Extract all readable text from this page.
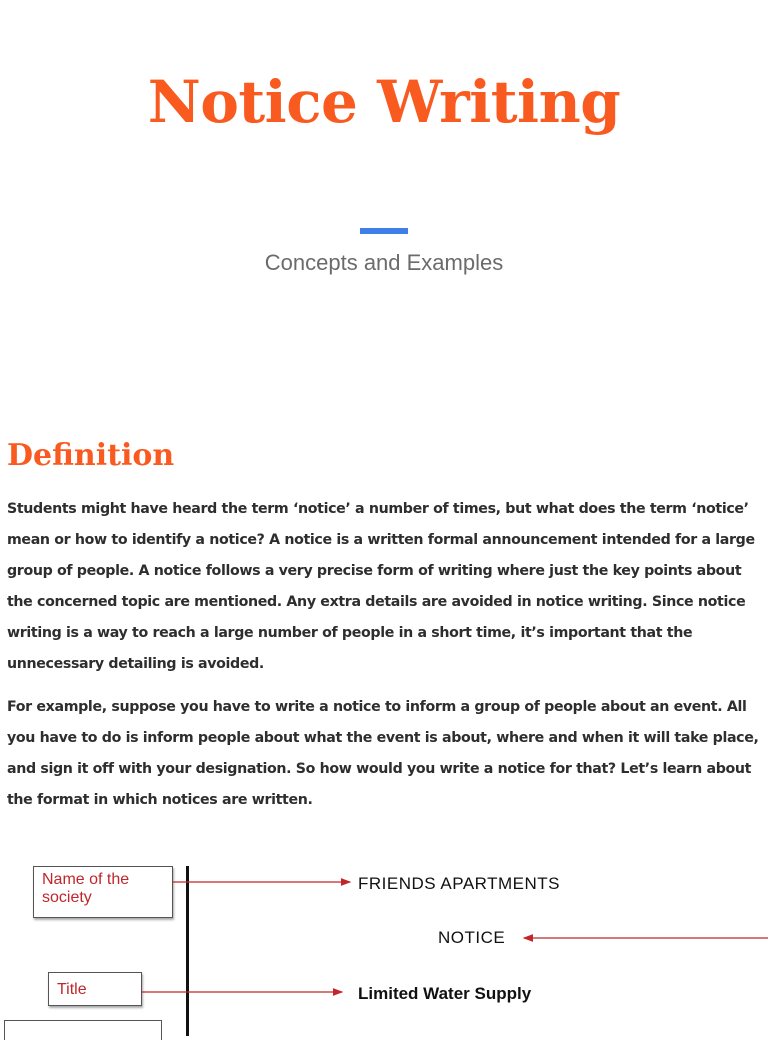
Notice Writing

Concepts and Examples

Definition

Students might have heard the term ‘notice’ a number of times, but what does the term ‘notice’ mean or how to identify a notice? A notice is a written formal announcement intended for a large group of people. A notice follows a very precise form of writing where just the key points about the concerned topic are mentioned. Any extra details are avoided in notice writing. Since notice writing is a way to reach a large number of people in a short time, it’s important that the unnecessary detailing is avoided.

For example, suppose you have to write a notice to inform a group of people about an event. All you have to do is inform people about what the event is about, where and when it will take place, and sign it off with your designation. So how would you write a notice for that? Let’s learn about the format in which notices are written.

Name of the society
Title
FRIENDS APARTMENTS
NOTICE
Limited Water Supply
